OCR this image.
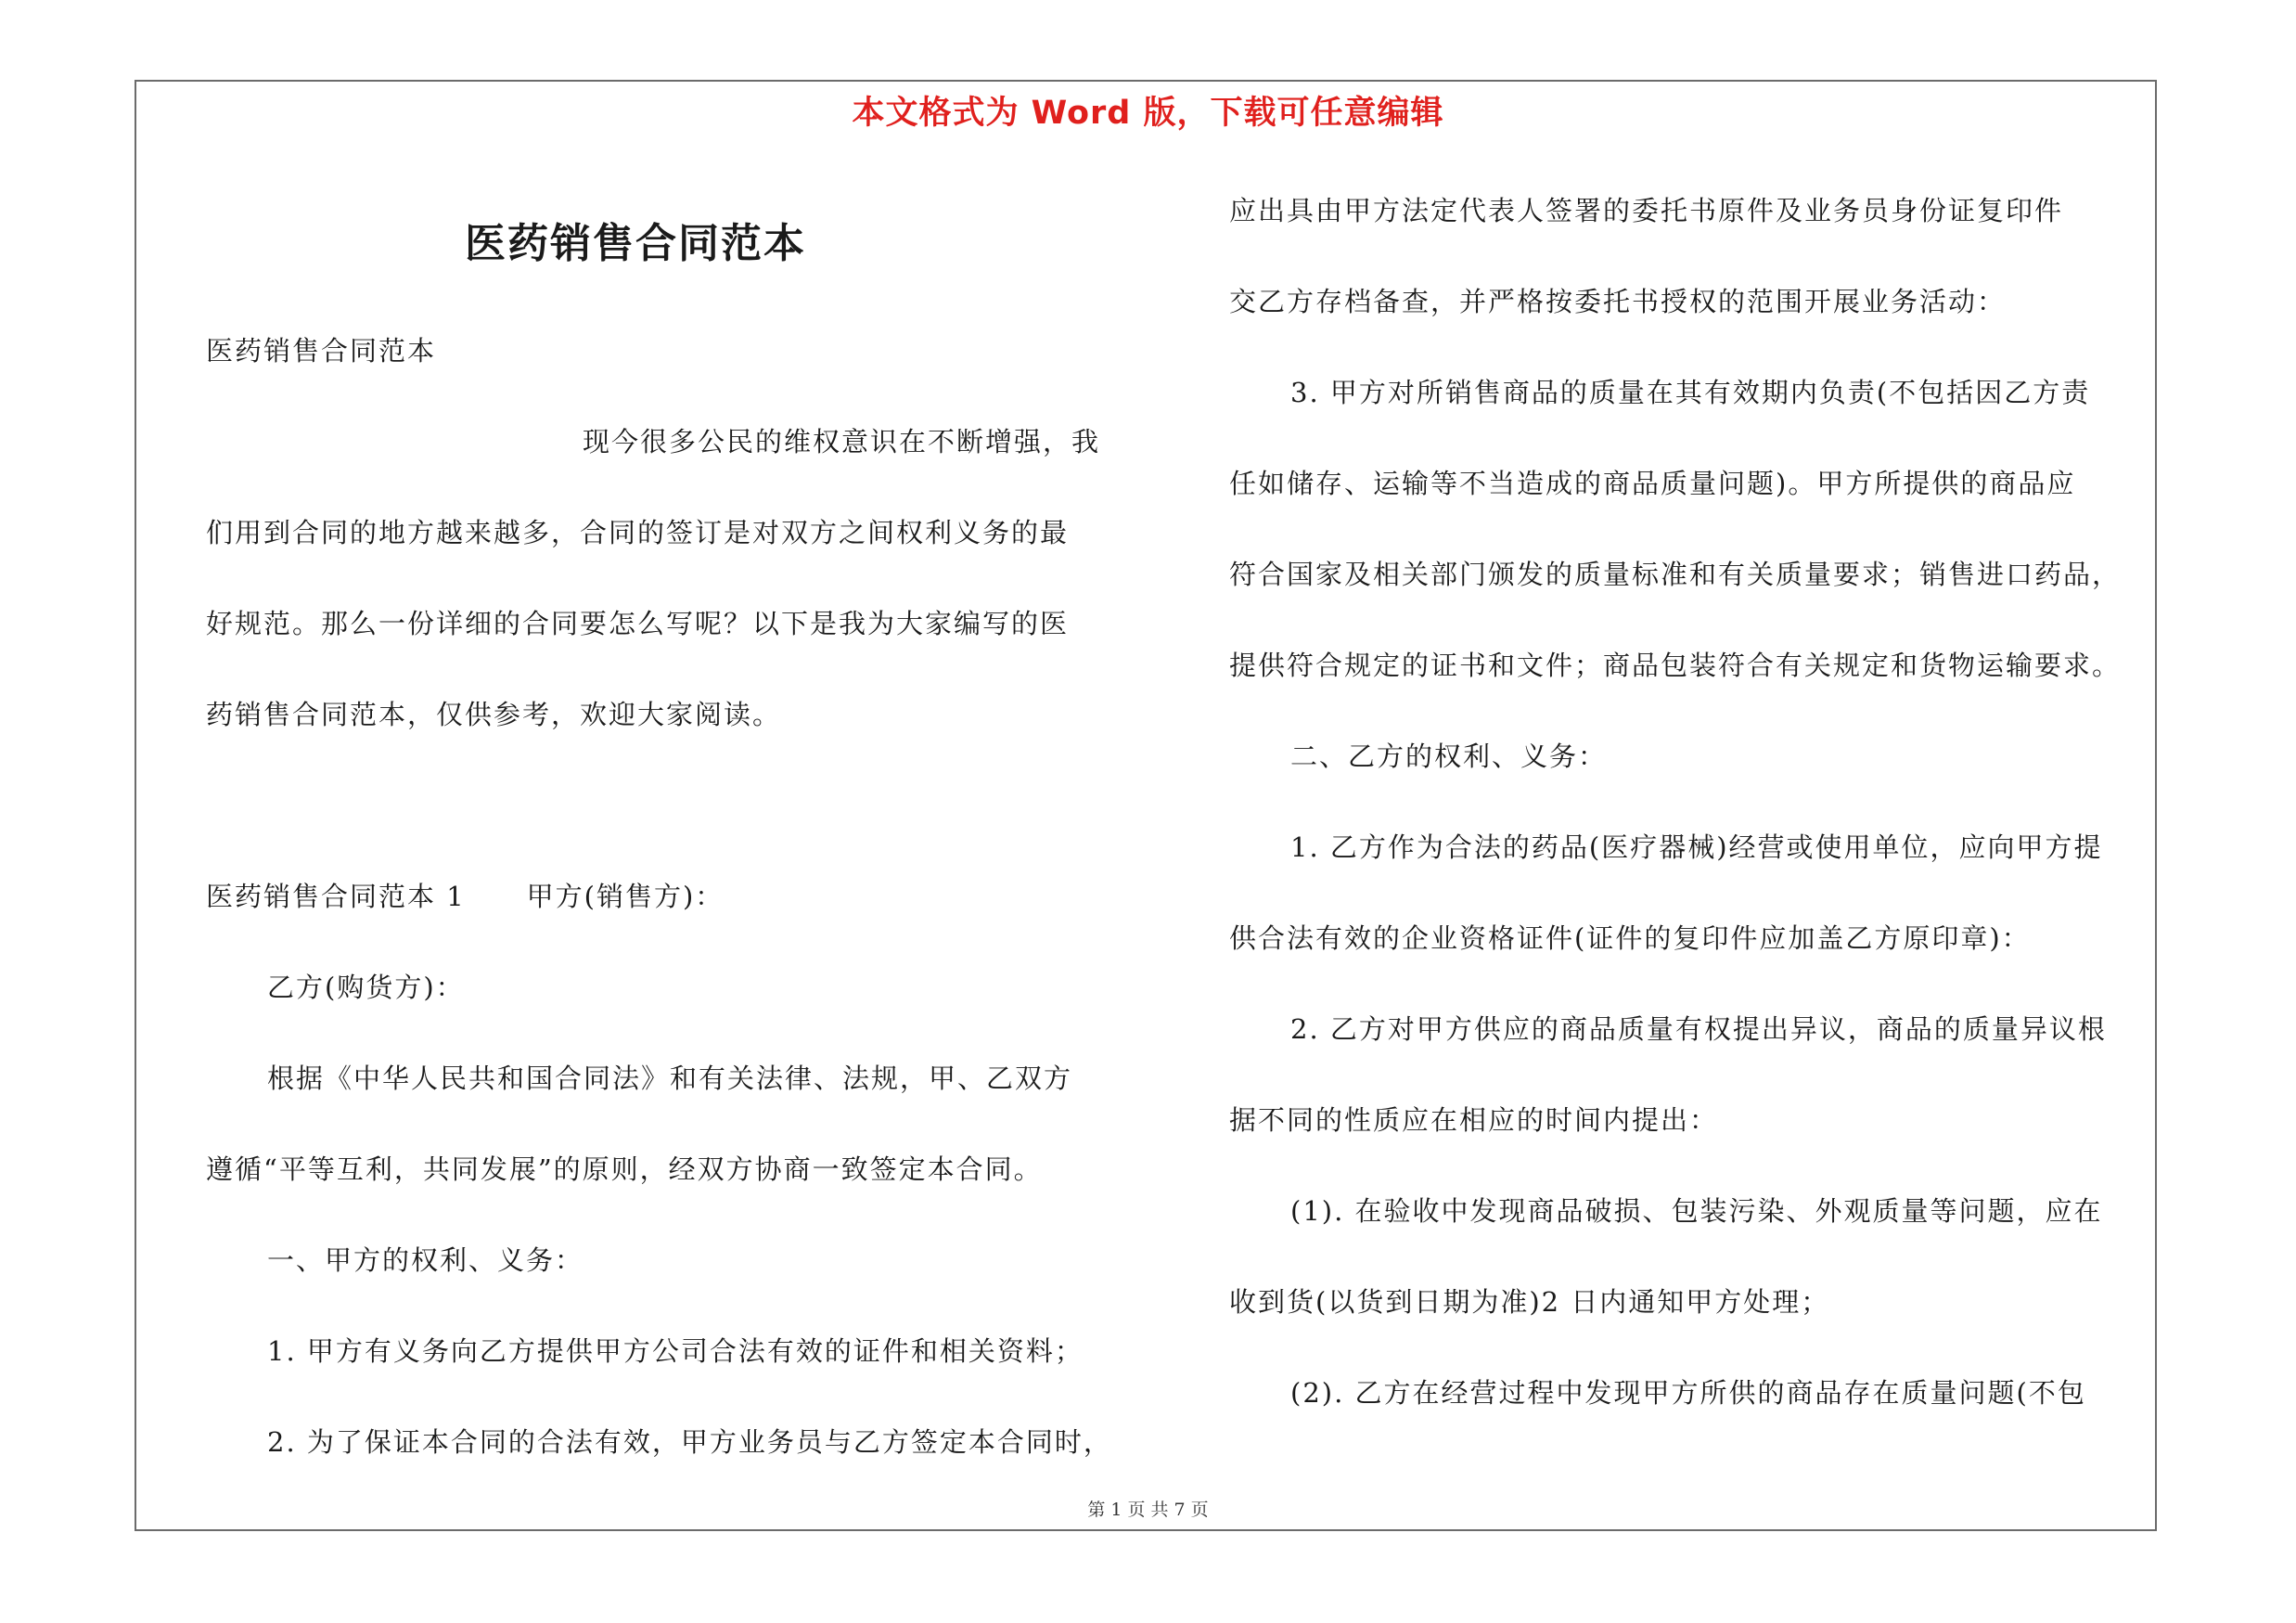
本文格式为 Word 版，下载可任意编辑
医药销售合同范本

医药销售合同范本

现今很多公民的维权意识在不断增强，我

们用到合同的地方越来越多，合同的签订是对双方之间权利义务的最

好规范。那么一份详细的合同要怎么写呢？以下是我为大家编写的医

药销售合同范本，仅供参考，欢迎大家阅读。

医药销售合同范本 1 甲方(销售方)：

乙方(购货方)：

根据《中华人民共和国合同法》和有关法律、法规，甲、乙双方

遵循“平等互利，共同发展”的原则，经双方协商一致签定本合同。

一、甲方的权利、义务：

1. 甲方有义务向乙方提供甲方公司合法有效的证件和相关资料；

2. 为了保证本合同的合法有效，甲方业务员与乙方签定本合同时，

应出具由甲方法定代表人签署的委托书原件及业务员身份证复印件

交乙方存档备查，并严格按委托书授权的范围开展业务活动：

3. 甲方对所销售商品的质量在其有效期内负责(不包括因乙方责

任如储存、运输等不当造成的商品质量问题)。甲方所提供的商品应

符合国家及相关部门颁发的质量标准和有关质量要求；销售进口药品，

提供符合规定的证书和文件；商品包装符合有关规定和货物运输要求。

二、乙方的权利、义务：

1. 乙方作为合法的药品(医疗器械)经营或使用单位，应向甲方提

供合法有效的企业资格证件(证件的复印件应加盖乙方原印章)：

2. 乙方对甲方供应的商品质量有权提出异议，商品的质量异议根

据不同的性质应在相应的时间内提出：

(1). 在验收中发现商品破损、包装污染、外观质量等问题，应在

收到货(以货到日期为准)2 日内通知甲方处理；

(2). 乙方在经营过程中发现甲方所供的商品存在质量问题(不包

第 1 页 共 7 页
